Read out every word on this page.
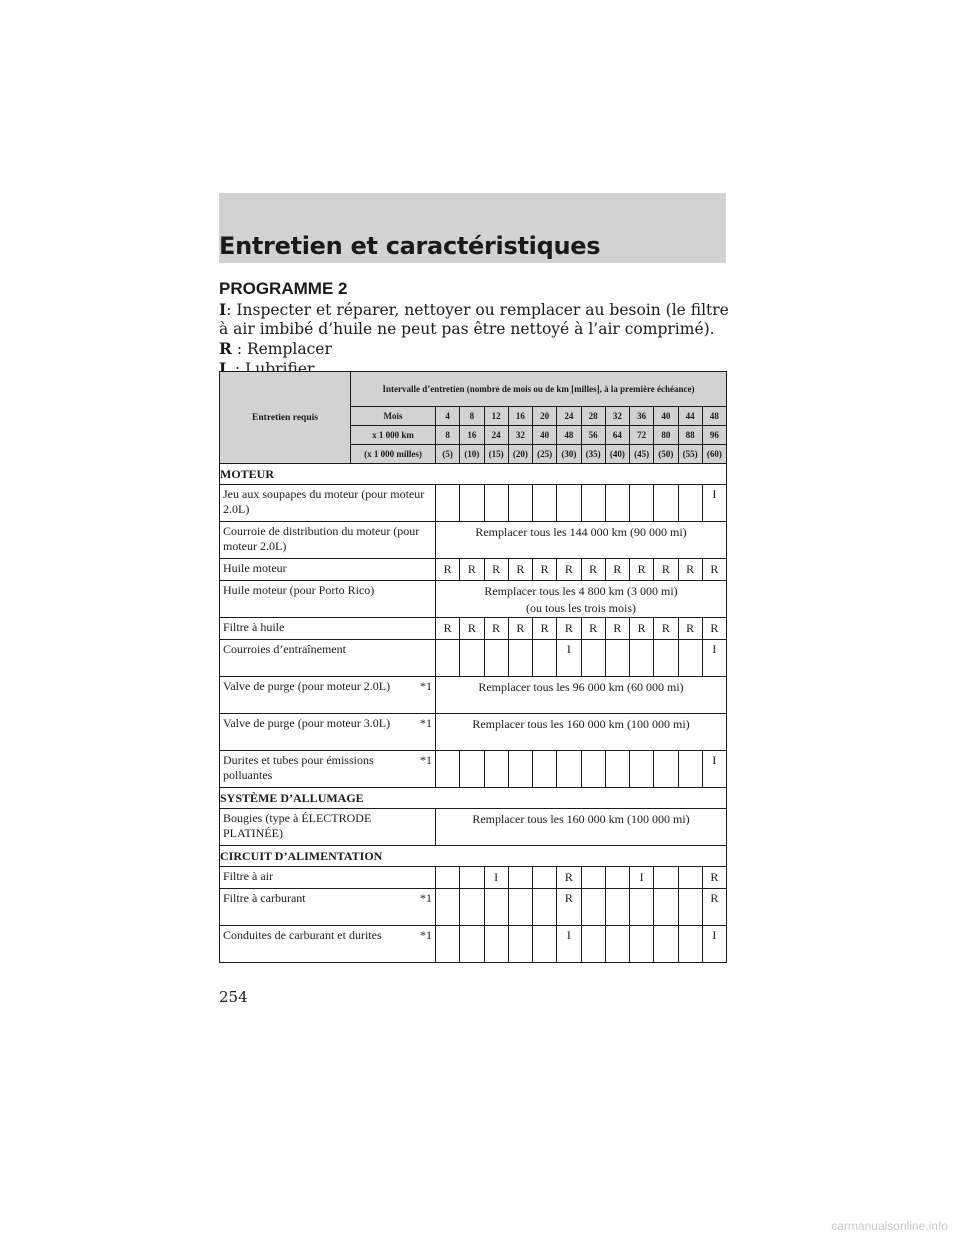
Entretien et caractéristiques
PROGRAMME 2
I: Inspecter et réparer, nettoyer ou remplacer au besoin (le filtre à air imbibé d’huile ne peut pas être nettoyé à l’air comprimé).
R : Remplacer
L : Lubrifier
Entretien requis	Intervalle d’entretien (nombre de mois ou de km [milles], à la première échéance)												
	Mois	4	8	12	16	20	24	28	32	36	40	44	48
	x 1 000 km	8	16	24	32	40	48	56	64	72	80	88	96
	(x 1 000 milles)	(5)	(10)	(15)	(20)	(25)	(30)	(35)	(40)	(45)	(50)	(55)	(60)
MOTEUR													
Jeu aux soupapes du moteur (pour moteur 2.0L)													I
Courroie de distribution du moteur (pour moteur 2.0L)		Remplacer tous les 144 000 km (90 000 mi)											

Huile moteur		R	R	R	R	R	R	R	R	R	R	R	R
Huile moteur (pour Porto Rico)		Remplacer tous les 4 800 km (3 000 mi)
(ou tous les trois mois)											

Filtre à huile		R	R	R	R	R	R	R	R	R	R	R	R
Courroies d’entraînement							I						I

*1
Valve de purge (pour moteur 2.0L)		Remplacer tous les 96 000 km (60 000 mi)											

*1
Valve de purge (pour moteur 3.0L)		Remplacer tous les 160 000 km (100 000 mi)											

*1
Durites et tubes pour émissions polluantes													I
SYSTÈME D’ALLUMAGE													
Bougies (type à ÉLECTRODE PLATINÉE)		Remplacer tous les 160 000 km (100 000 mi)											

CIRCUIT D’ALIMENTATION													
Filtre à air				I			R			I			R

*1
Filtre à carburant							R						R

*1
Conduites de carburant et durites							I						I
254
carmanualsonline.info
